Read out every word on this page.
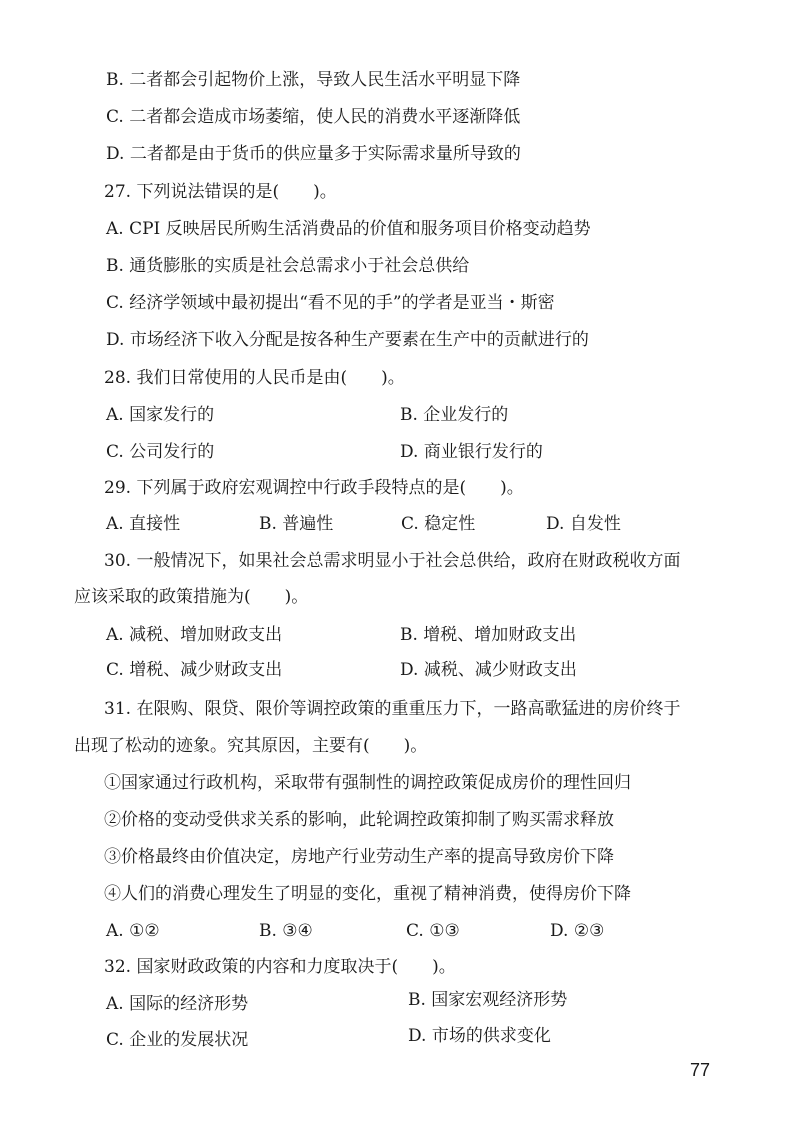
B. 二者都会引起物价上涨，导致人民生活水平明显下降
C. 二者都会造成市场萎缩，使人民的消费水平逐渐降低
D. 二者都是由于货币的供应量多于实际需求量所导致的
27. 下列说法错误的是(　　)。
A. CPI 反映居民所购生活消费品的价值和服务项目价格变动趋势
B. 通货膨胀的实质是社会总需求小于社会总供给
C. 经济学领域中最初提出“看不见的手”的学者是亚当・斯密
D. 市场经济下收入分配是按各种生产要素在生产中的贡献进行的
28. 我们日常使用的人民币是由(　　)。
A. 国家发行的	B. 企业发行的
C. 公司发行的	D. 商业银行发行的
29. 下列属于政府宏观调控中行政手段特点的是(　　)。
A. 直接性	B. 普遍性	C. 稳定性	D. 自发性
30. 一般情况下，如果社会总需求明显小于社会总供给，政府在财政税收方面
应该采取的政策措施为(　　)。
A. 减税、增加财政支出	B. 增税、增加财政支出
C. 增税、减少财政支出	D. 减税、减少财政支出
31. 在限购、限贷、限价等调控政策的重重压力下，一路高歌猛进的房价终于
出现了松动的迹象。究其原因，主要有(　　)。
①国家通过行政机构，采取带有强制性的调控政策促成房价的理性回归
②价格的变动受供求关系的影响，此轮调控政策抑制了购买需求释放
③价格最终由价值决定，房地产行业劳动生产率的提高导致房价下降
④人们的消费心理发生了明显的变化，重视了精神消费，使得房价下降
A. ①②	B. ③④	C. ①③	D. ②③
32. 国家财政政策的内容和力度取决于(　　)。
A. 国际的经济形势	B. 国家宏观经济形势
C. 企业的发展状况	D. 市场的供求变化
77
